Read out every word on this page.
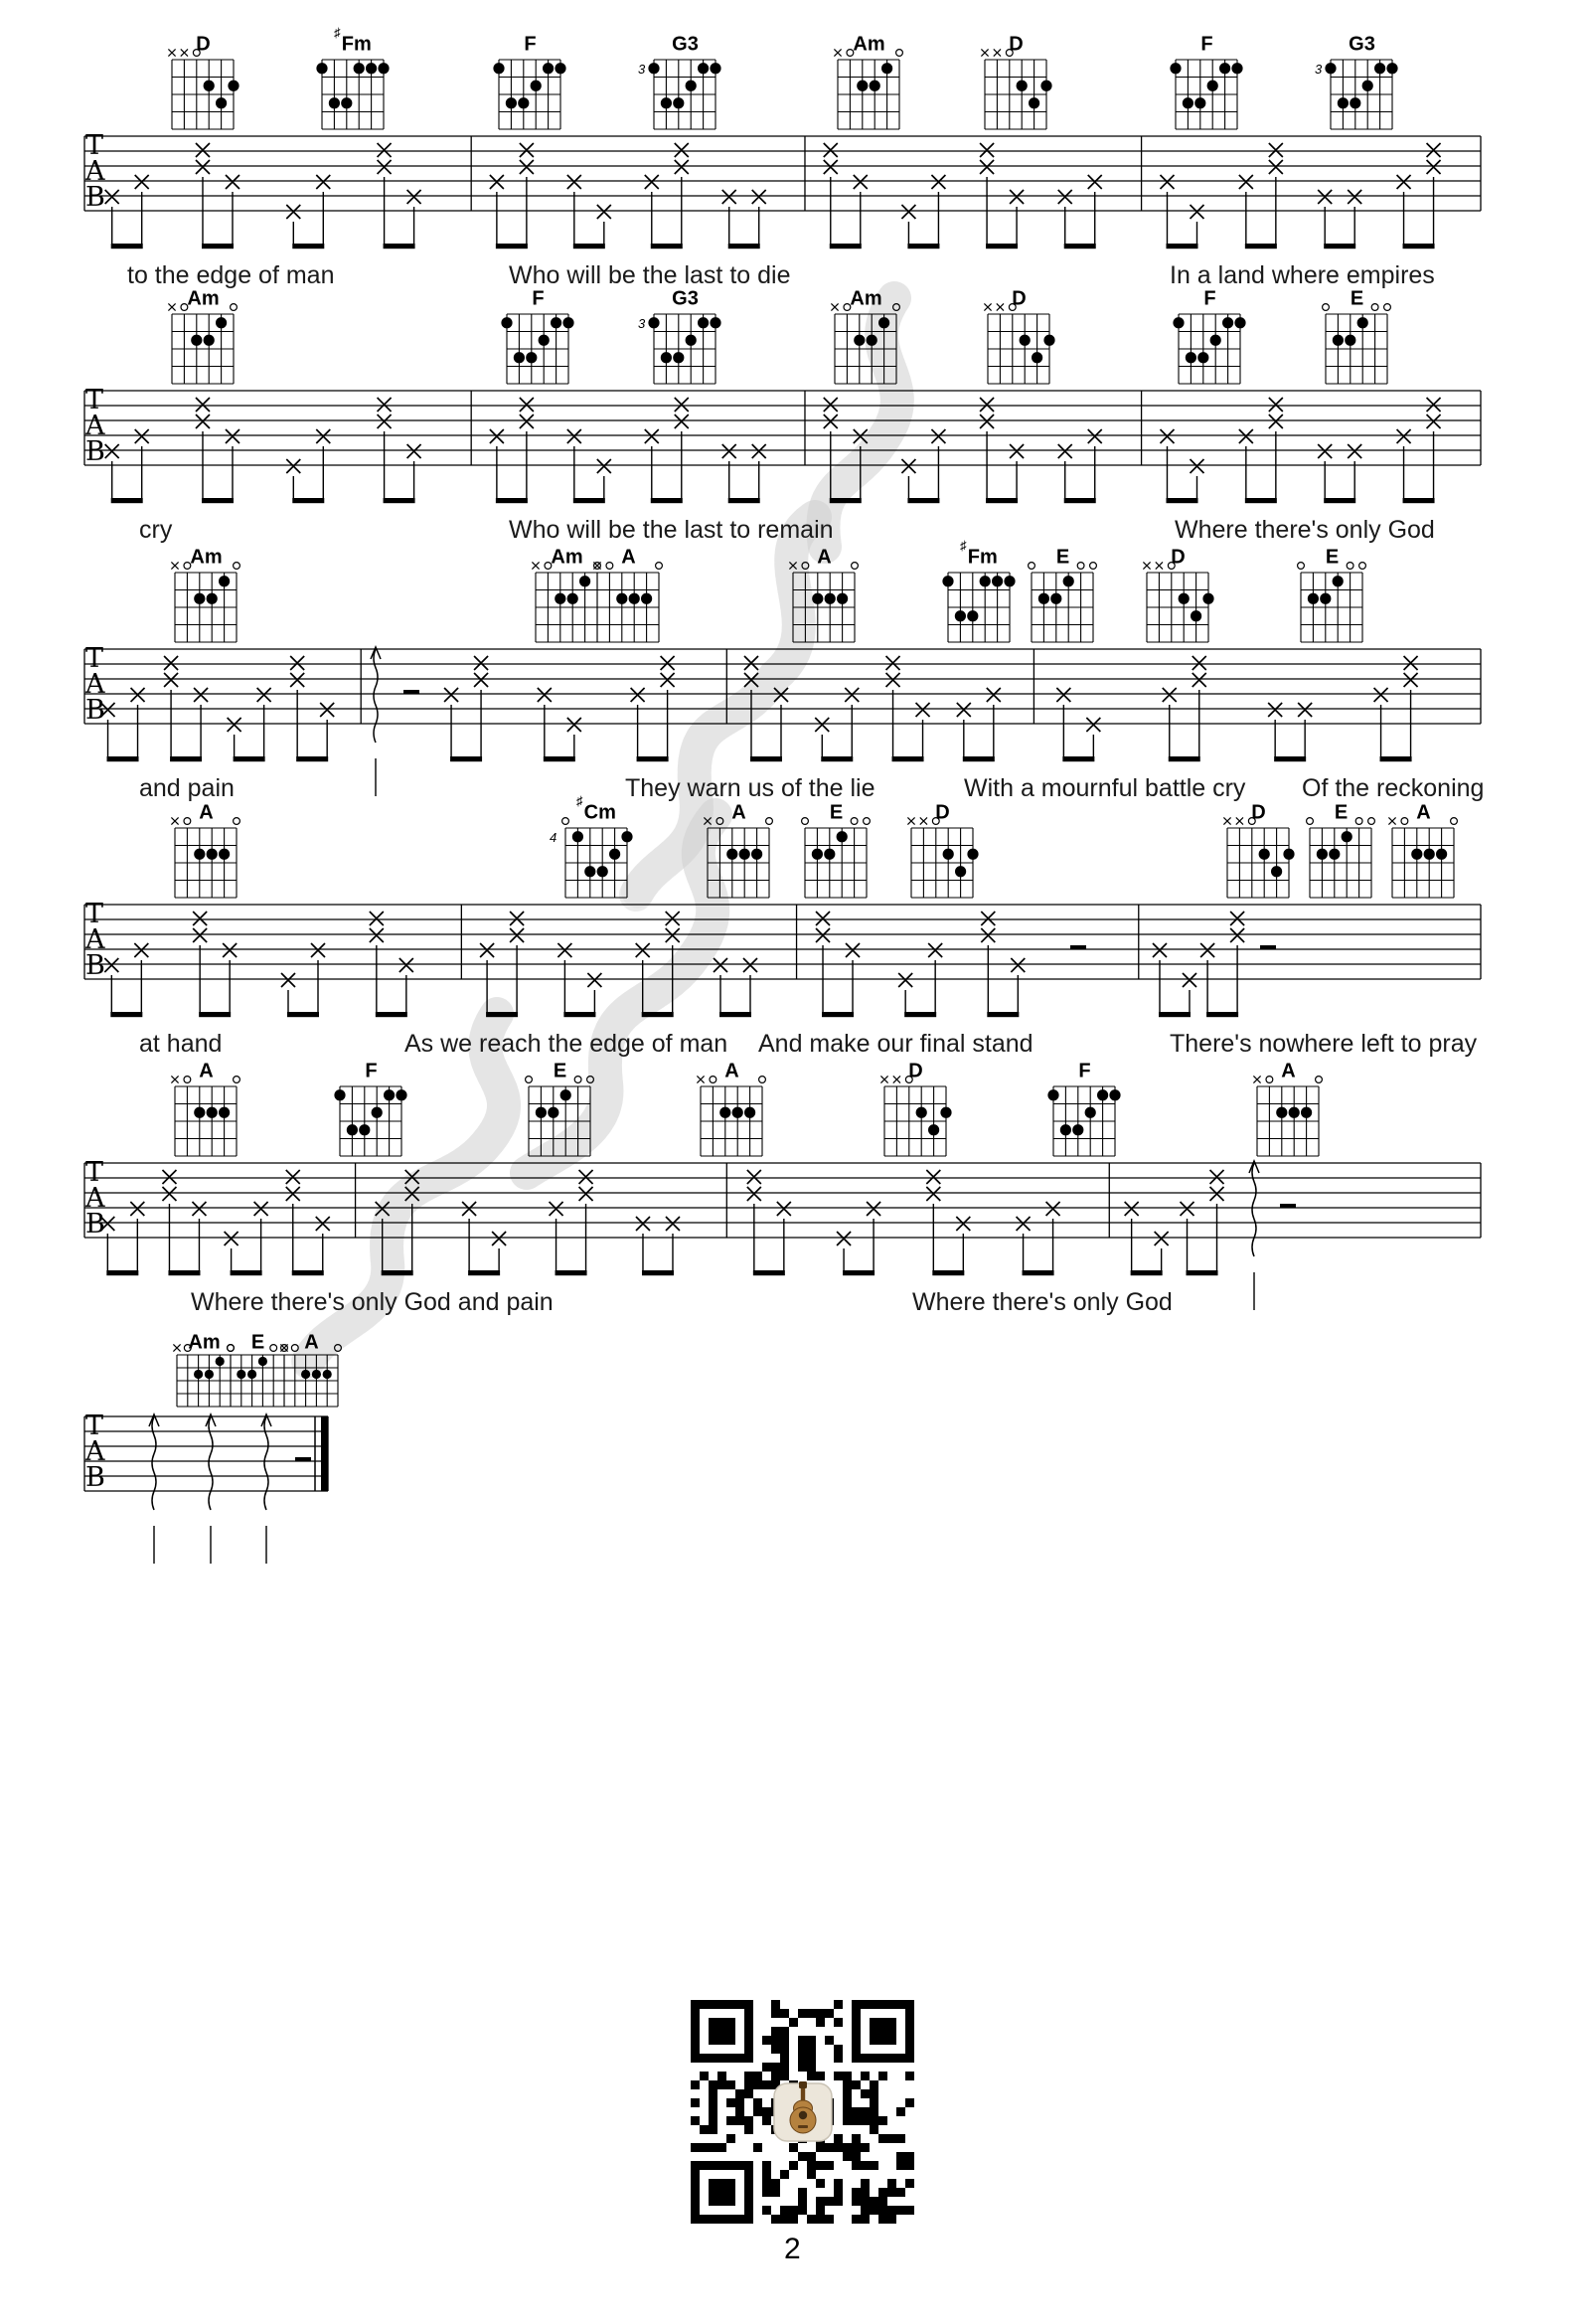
2
T
A
B
D
♯Fm	F	G3
3
Am	D	F	G3
3
to the edge of man	Who will be the last to die	In a land where empires
T
A
B
Am	F	G3
3
Am	D	F	E
cry	Who will be the last to remain	Where there's only God
T
A
B
Am	Am A	A
♯Fm	E	D	E
and pain	They warn us of the lie	With a mournful battle cry Of the reckoning
T
A
B
A
♯Cm
4
A	E	D	D	E	A
at hand	As we reach the edge of man And make our final stand	There's nowhere left to pray
T
A
B
A	F	E	A	D	F	A
Where there's only God and pain	Where there's only God
T
A
B
Am E A
